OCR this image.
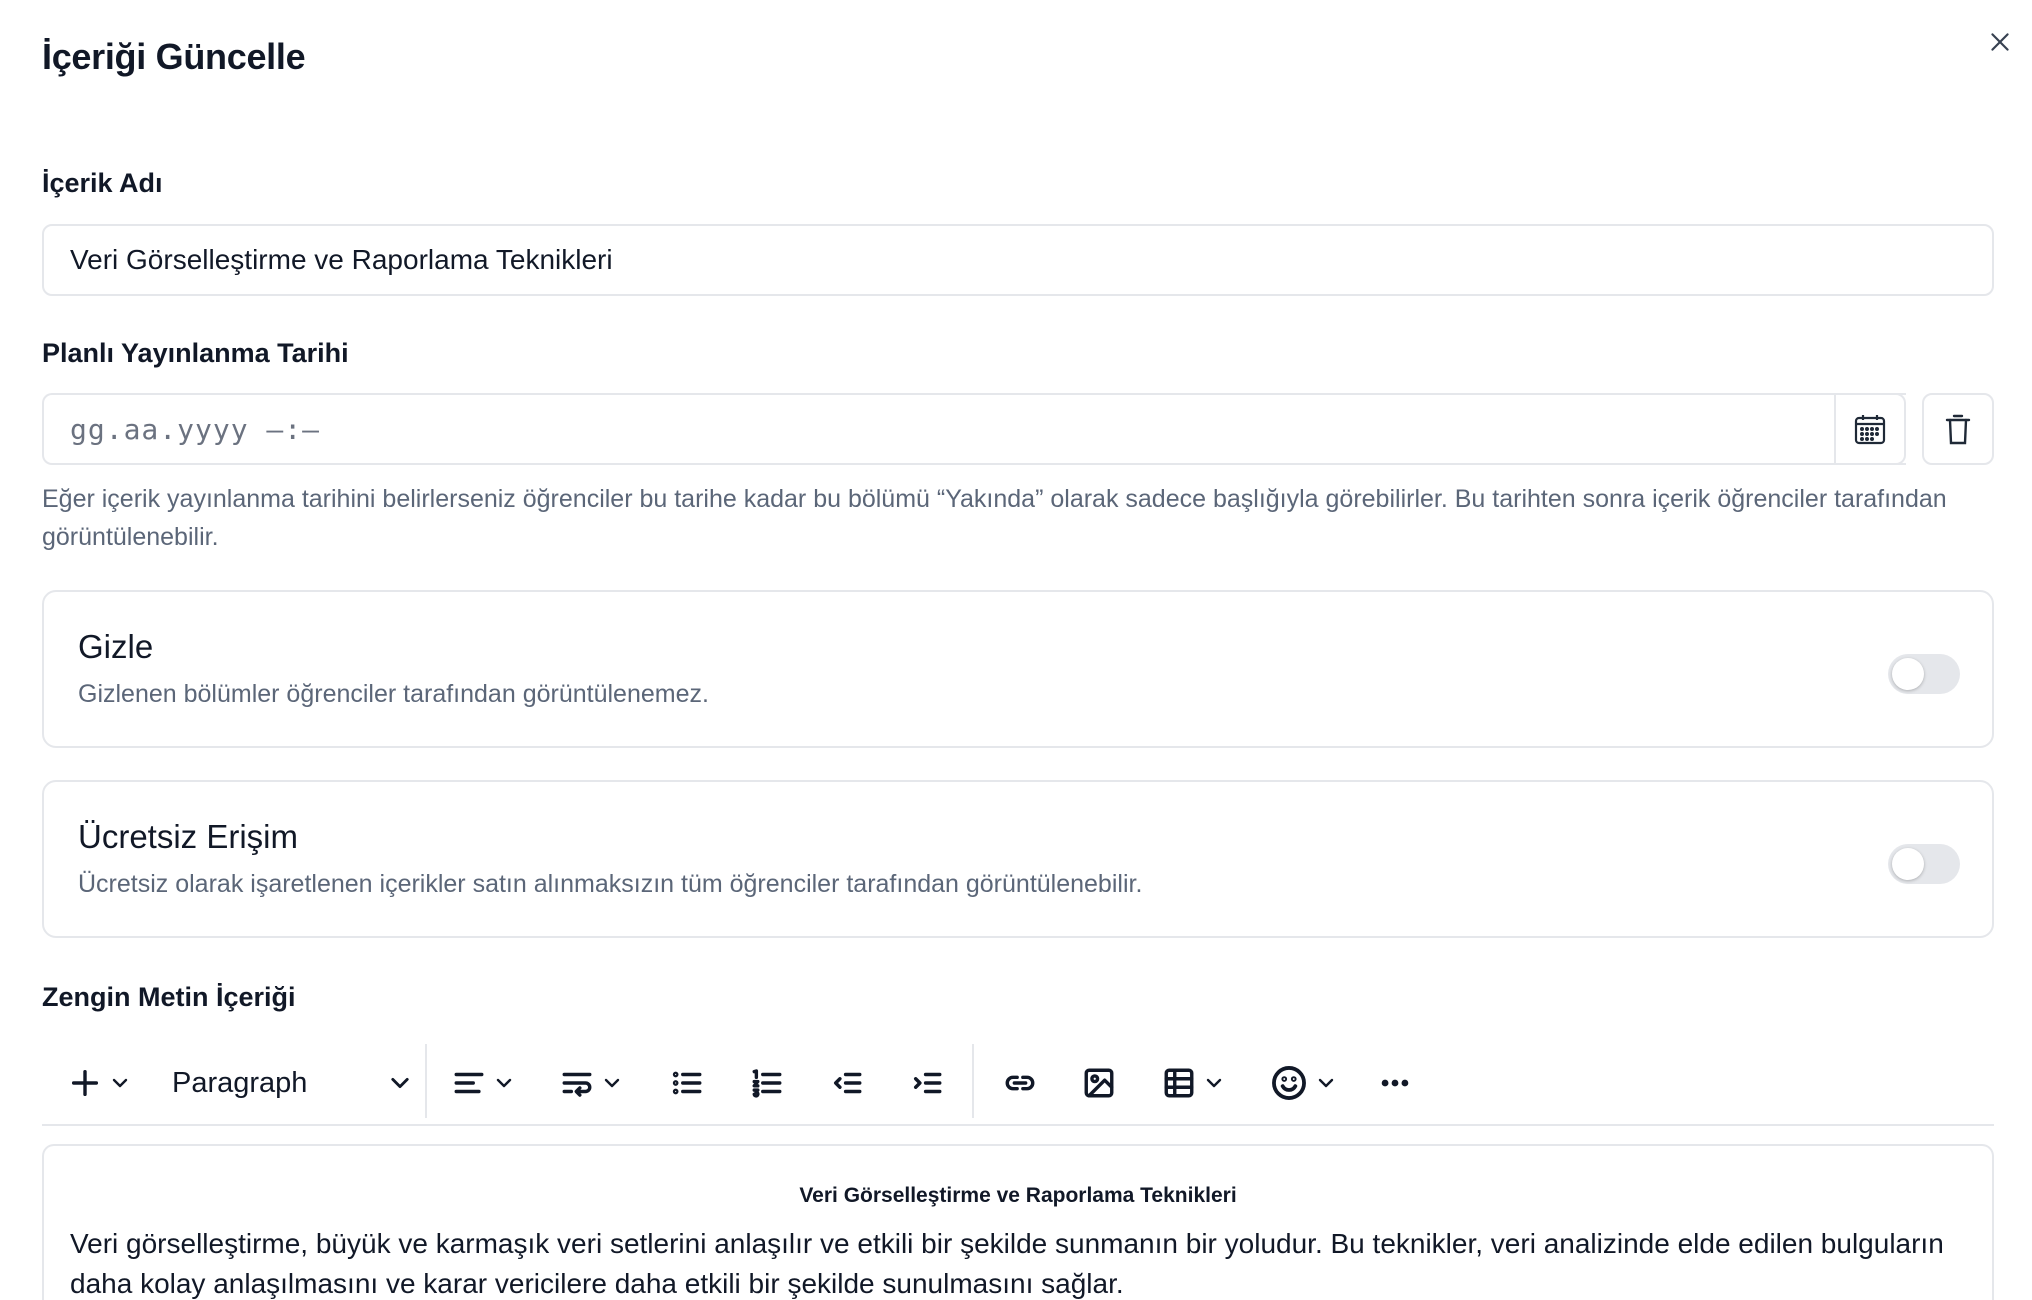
İçeriği Güncelle
İçerik Adı
Veri Görselleştirme ve Raporlama Teknikleri
Planlı Yayınlanma Tarihi
gg.aa.yyyy —:—
Eğer içerik yayınlanma tarihini belirlerseniz öğrenciler bu tarihe kadar bu bölümü “Yakında” olarak sadece başlığıyla görebilirler. Bu tarihten sonra içerik öğrenciler tarafından görüntülenebilir.
Gizle
Gizlenen bölümler öğrenciler tarafından görüntülenemez.
Ücretsiz Erişim
Ücretsiz olarak işaretlenen içerikler satın alınmaksızın tüm öğrenciler tarafından görüntülenebilir.
Zengin Metin İçeriği
Paragraph
Veri Görselleştirme ve Raporlama Teknikleri
Veri görselleştirme, büyük ve karmaşık veri setlerini anlaşılır ve etkili bir şekilde sunmanın bir yoludur. Bu teknikler, veri analizinde elde edilen bulguların daha kolay anlaşılmasını ve karar vericilere daha etkili bir şekilde sunulmasını sağlar.
